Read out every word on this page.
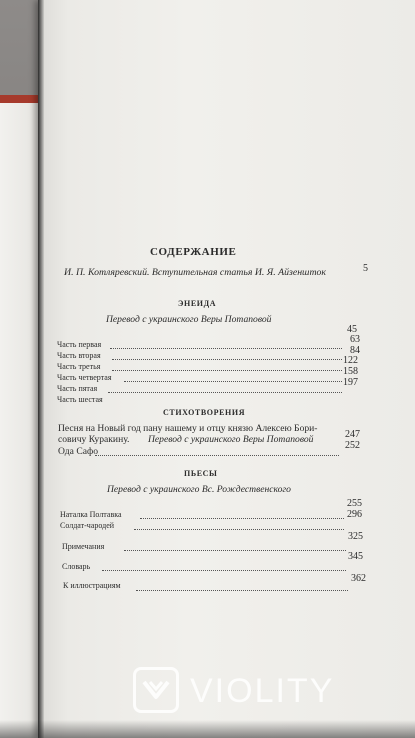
СОДЕРЖАНИЕ
И. П. Котляревский. Вступительная статья И. Я. Айзеншток	5
ЭНЕИДА
Перевод с украинского Веры Потаповой
Часть первая
45
Часть вторая
63
Часть третья
84
Часть четвертая
122
Часть пятая
158
Часть шестая
197
СТИХОТВОРЕНИЯ
Песня на Новый год пану нашему и отцу князю Алексею Бори-
совичу Куракину. Перевод с украинского Веры Потаповой	247
Ода Сафо
252
ПЬЕСЫ
Перевод с украинского Вс. Рождественского
Наталка Полтавка
255
Солдат-чародей
296
Примечания
325
Словарь
345
К иллюстрациям
362
VIOLITY
